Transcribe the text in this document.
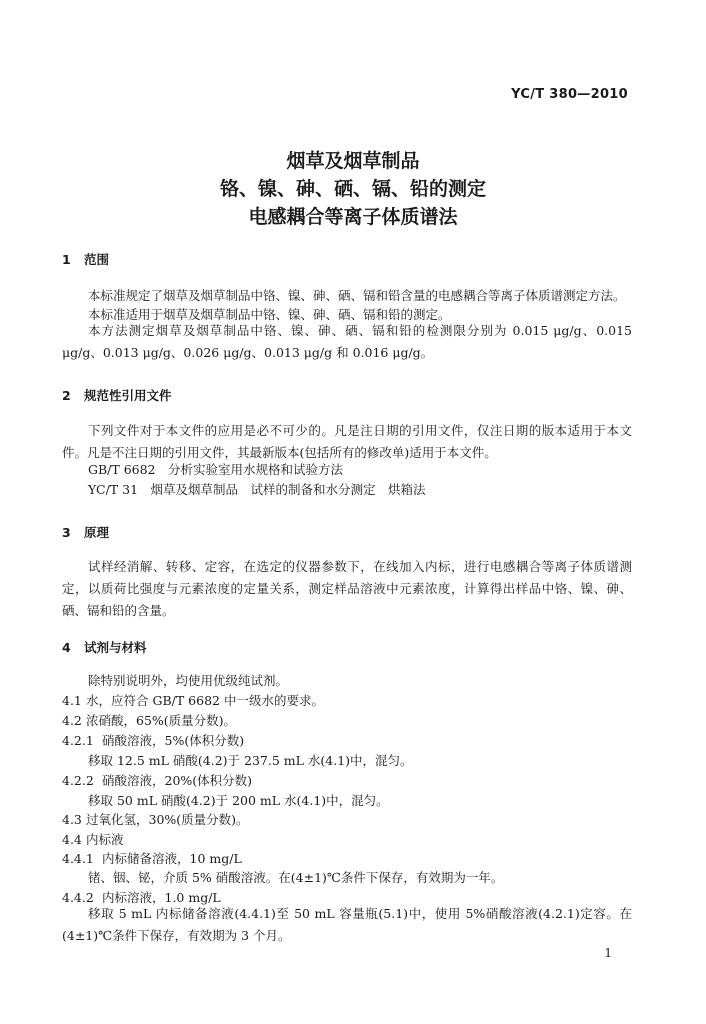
YC/T 380—2010
烟草及烟草制品
铬、镍、砷、硒、镉、铅的测定
电感耦合等离子体质谱法
1 范围
本标准规定了烟草及烟草制品中铬、镍、砷、硒、镉和铅含量的电感耦合等离子体质谱测定方法。
本标准适用于烟草及烟草制品中铬、镍、砷、硒、镉和铅的测定。
本方法测定烟草及烟草制品中铬、镍、砷、硒、镉和铅的检测限分别为 0.015 μg/g、0.015 μg/g、0.013 μg/g、0.026 μg/g、0.013 μg/g 和 0.016 μg/g。
2 规范性引用文件
下列文件对于本文件的应用是必不可少的。凡是注日期的引用文件，仅注日期的版本适用于本文件。凡是不注日期的引用文件，其最新版本(包括所有的修改单)适用于本文件。
GB/T 6682　分析实验室用水规格和试验方法
YC/T 31　烟草及烟草制品　试样的制备和水分测定　烘箱法
3 原理
试样经消解、转移、定容，在选定的仪器参数下，在线加入内标，进行电感耦合等离子体质谱测定，以质荷比强度与元素浓度的定量关系，测定样品溶液中元素浓度，计算得出样品中铬、镍、砷、硒、镉和铅的含量。
4 试剂与材料
除特别说明外，均使用优级纯试剂。
4.1 水，应符合 GB/T 6682 中一级水的要求。
4.2 浓硝酸，65%(质量分数)。
4.2.1 硝酸溶液，5%(体积分数)
移取 12.5 mL 硝酸(4.2)于 237.5 mL 水(4.1)中，混匀。
4.2.2 硝酸溶液，20%(体积分数)
移取 50 mL 硝酸(4.2)于 200 mL 水(4.1)中，混匀。
4.3 过氧化氢，30%(质量分数)。
4.4 内标液
4.4.1 内标储备溶液，10 mg/L
锗、铟、铋，介质 5% 硝酸溶液。在(4±1)℃条件下保存，有效期为一年。
4.4.2 内标溶液，1.0 mg/L
移取 5 mL 内标储备溶液(4.4.1)至 50 mL 容量瓶(5.1)中，使用 5%硝酸溶液(4.2.1)定容。在(4±1)℃条件下保存，有效期为 3 个月。
1
